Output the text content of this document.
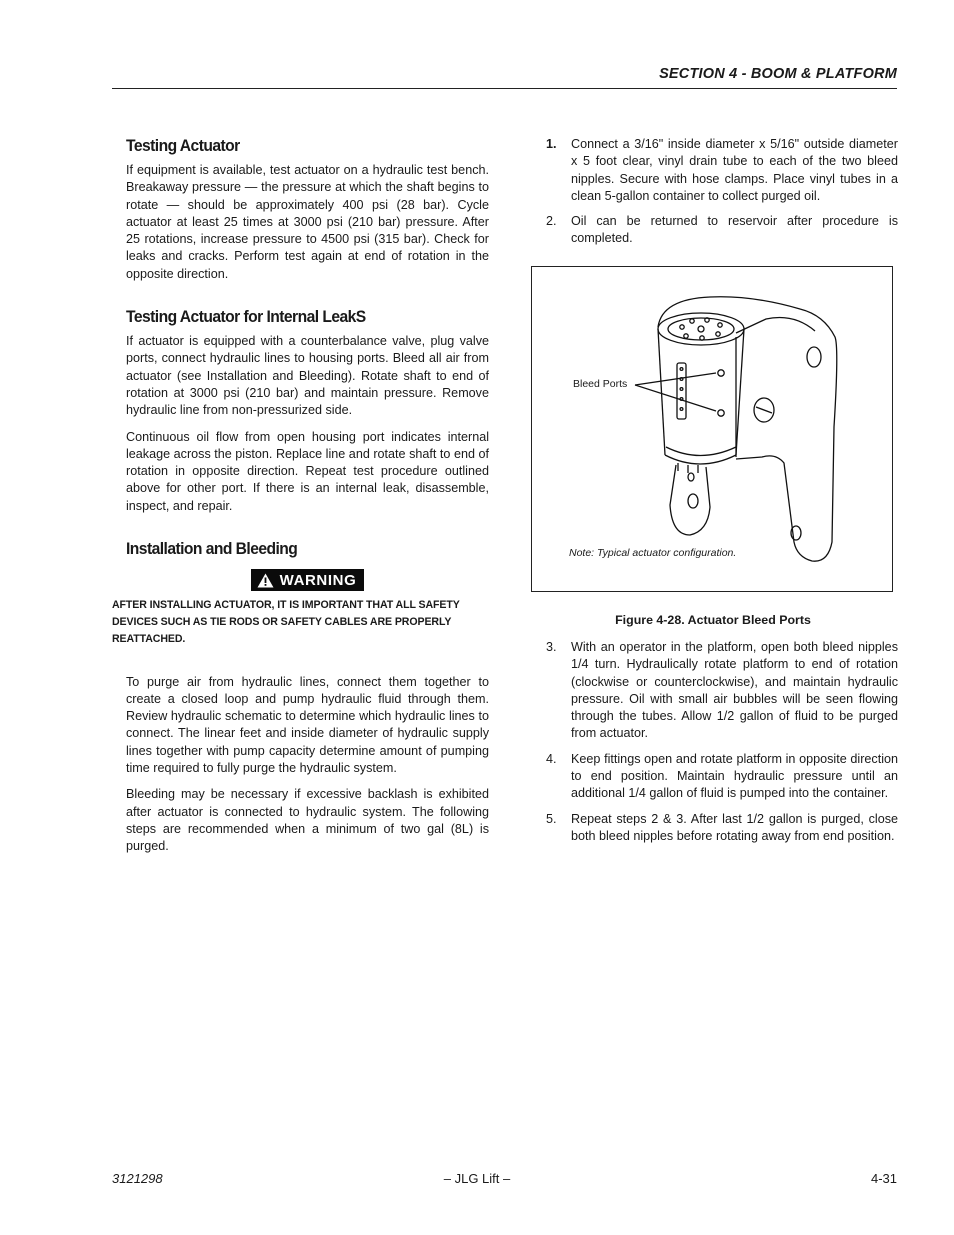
SECTION 4 - BOOM & PLATFORM
Testing Actuator

If equipment is available, test actuator on a hydraulic test bench. Breakaway pressure — the pressure at which the shaft begins to rotate — should be approximately 400 psi (28 bar). Cycle actuator at least 25 times at 3000 psi (210 bar) pressure. After 25 rotations, increase pressure to 4500 psi (315 bar). Check for leaks and cracks. Perform test again at end of rotation in the opposite direction.

Testing Actuator for Internal LeakS

If actuator is equipped with a counterbalance valve, plug valve ports, connect hydraulic lines to housing ports. Bleed all air from actuator (see Installation and Bleeding). Rotate shaft to end of rotation at 3000 psi (210 bar) and maintain pressure. Remove hydraulic line from non-pressurized side.

Continuous oil flow from open housing port indicates internal leakage across the piston. Replace line and rotate shaft to end of rotation in opposite direction. Repeat test procedure outlined above for other port. If there is an internal leak, disassemble, inspect, and repair.

Installation and Bleeding
WARNING
AFTER INSTALLING ACTUATOR, IT IS IMPORTANT THAT ALL SAFETY DEVICES SUCH AS TIE RODS OR SAFETY CABLES ARE PROPERLY REATTACHED.

To purge air from hydraulic lines, connect them together to create a closed loop and pump hydraulic fluid through them. Review hydraulic schematic to determine which hydraulic lines to connect. The linear feet and inside diameter of hydraulic supply lines together with pump capacity determine amount of pumping time required to fully purge the hydraulic system.

Bleeding may be necessary if excessive backlash is exhibited after actuator is connected to hydraulic system. The following steps are recommended when a minimum of two gal (8L) is purged.

1. Connect a 3/16" inside diameter x 5/16" outside diameter x 5 foot clear, vinyl drain tube to each of the two bleed nipples. Secure with hose clamps. Place vinyl tubes in a clean 5-gallon container to collect purged oil.
2. Oil can be returned to reservoir after procedure is completed.
Bleed Ports
Note: Typical actuator configuration.
Figure 4-28. Actuator Bleed Ports
3. With an operator in the platform, open both bleed nipples 1/4 turn. Hydraulically rotate platform to end of rotation (clockwise or counterclockwise), and maintain hydraulic pressure. Oil with small air bubbles will be seen flowing through the tubes. Allow 1/2 gallon of fluid to be purged from actuator.
4. Keep fittings open and rotate platform in opposite direction to end position. Maintain hydraulic pressure until an additional 1/4 gallon of fluid is pumped into the container.
5. Repeat steps 2 & 3. After last 1/2 gallon is purged, close both bleed nipples before rotating away from end position.
3121298	– JLG Lift –	4-31
